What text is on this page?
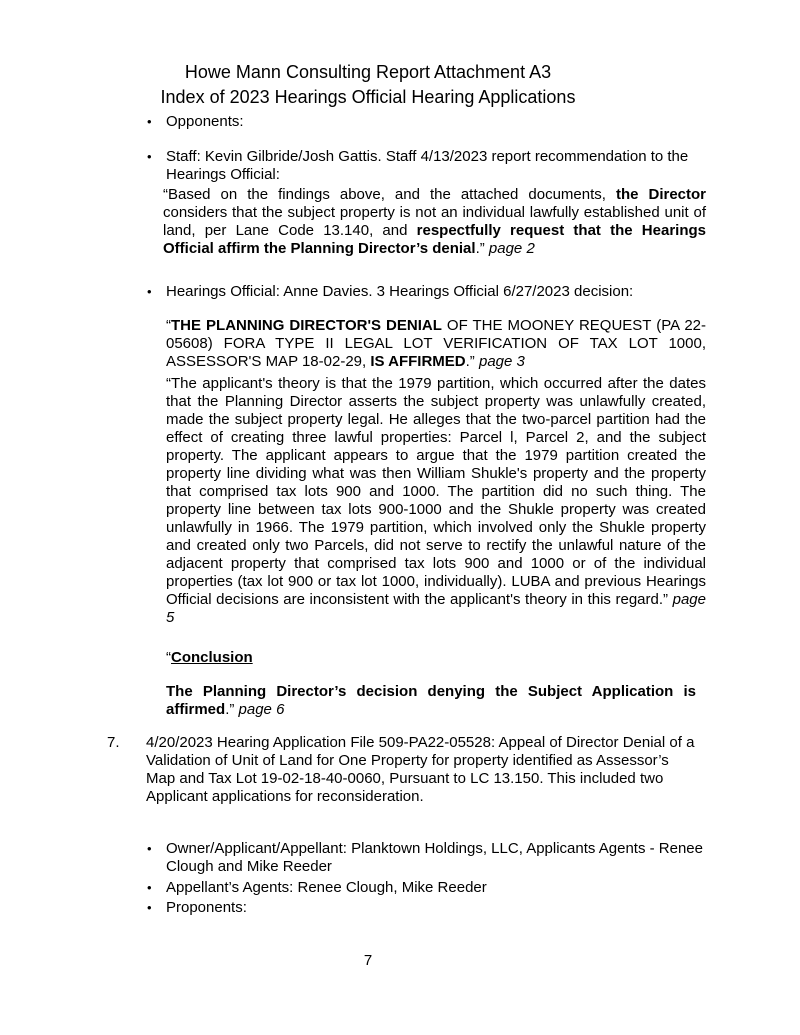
Howe Mann Consulting Report Attachment A3
Index of 2023 Hearings Official Hearing Applications
• Opponents:
• Staff: Kevin Gilbride/Josh Gattis. Staff 4/13/2023 report recommendation to the Hearings Official:
“Based on the findings above, and the attached documents, the Director considers that the subject property is not an individual lawfully established unit of land, per Lane Code 13.140, and respectfully request that the Hearings Official affirm the Planning Director’s denial.” page 2
• Hearings Official: Anne Davies. 3 Hearings Official 6/27/2023 decision:
“THE PLANNING DIRECTOR'S DENIAL OF THE MOONEY REQUEST (PA 22-05608) FORA TYPE II LEGAL LOT VERIFICATION OF TAX LOT 1000, ASSESSOR'S MAP 18-02-29, IS AFFIRMED.” page 3
“The applicant's theory is that the 1979 partition, which occurred after the dates that the Planning Director asserts the subject property was unlawfully created, made the subject property legal. He alleges that the two-parcel partition had the effect of creating three lawful properties: Parcel l, Parcel 2, and the subject property. The applicant appears to argue that the 1979 partition created the property line dividing what was then William Shukle's property and the property that comprised tax lots 900 and 1000. The partition did no such thing. The property line between tax lots 900-1000 and the Shukle property was created unlawfully in 1966. The 1979 partition, which involved only the Shukle property and created only two Parcels, did not serve to rectify the unlawful nature of the adjacent property that comprised tax lots 900 and 1000 or of the individual properties (tax lot 900 or tax lot 1000, individually). LUBA and previous Hearings Official decisions are inconsistent with the applicant's theory in this regard.” page 5
“Conclusion
The Planning Director’s decision denying the Subject Application is affirmed.” page 6
7. 4/20/2023 Hearing Application File 509-PA22-05528: Appeal of Director Denial of a Validation of Unit of Land for One Property for property identified as Assessor’s Map and Tax Lot 19-02-18-40-0060, Pursuant to LC 13.150. This included two Applicant applications for reconsideration.
• Owner/Applicant/Appellant: Planktown Holdings, LLC, Applicants Agents - Renee Clough and Mike Reeder
• Appellant’s Agents: Renee Clough, Mike Reeder
• Proponents:
7
